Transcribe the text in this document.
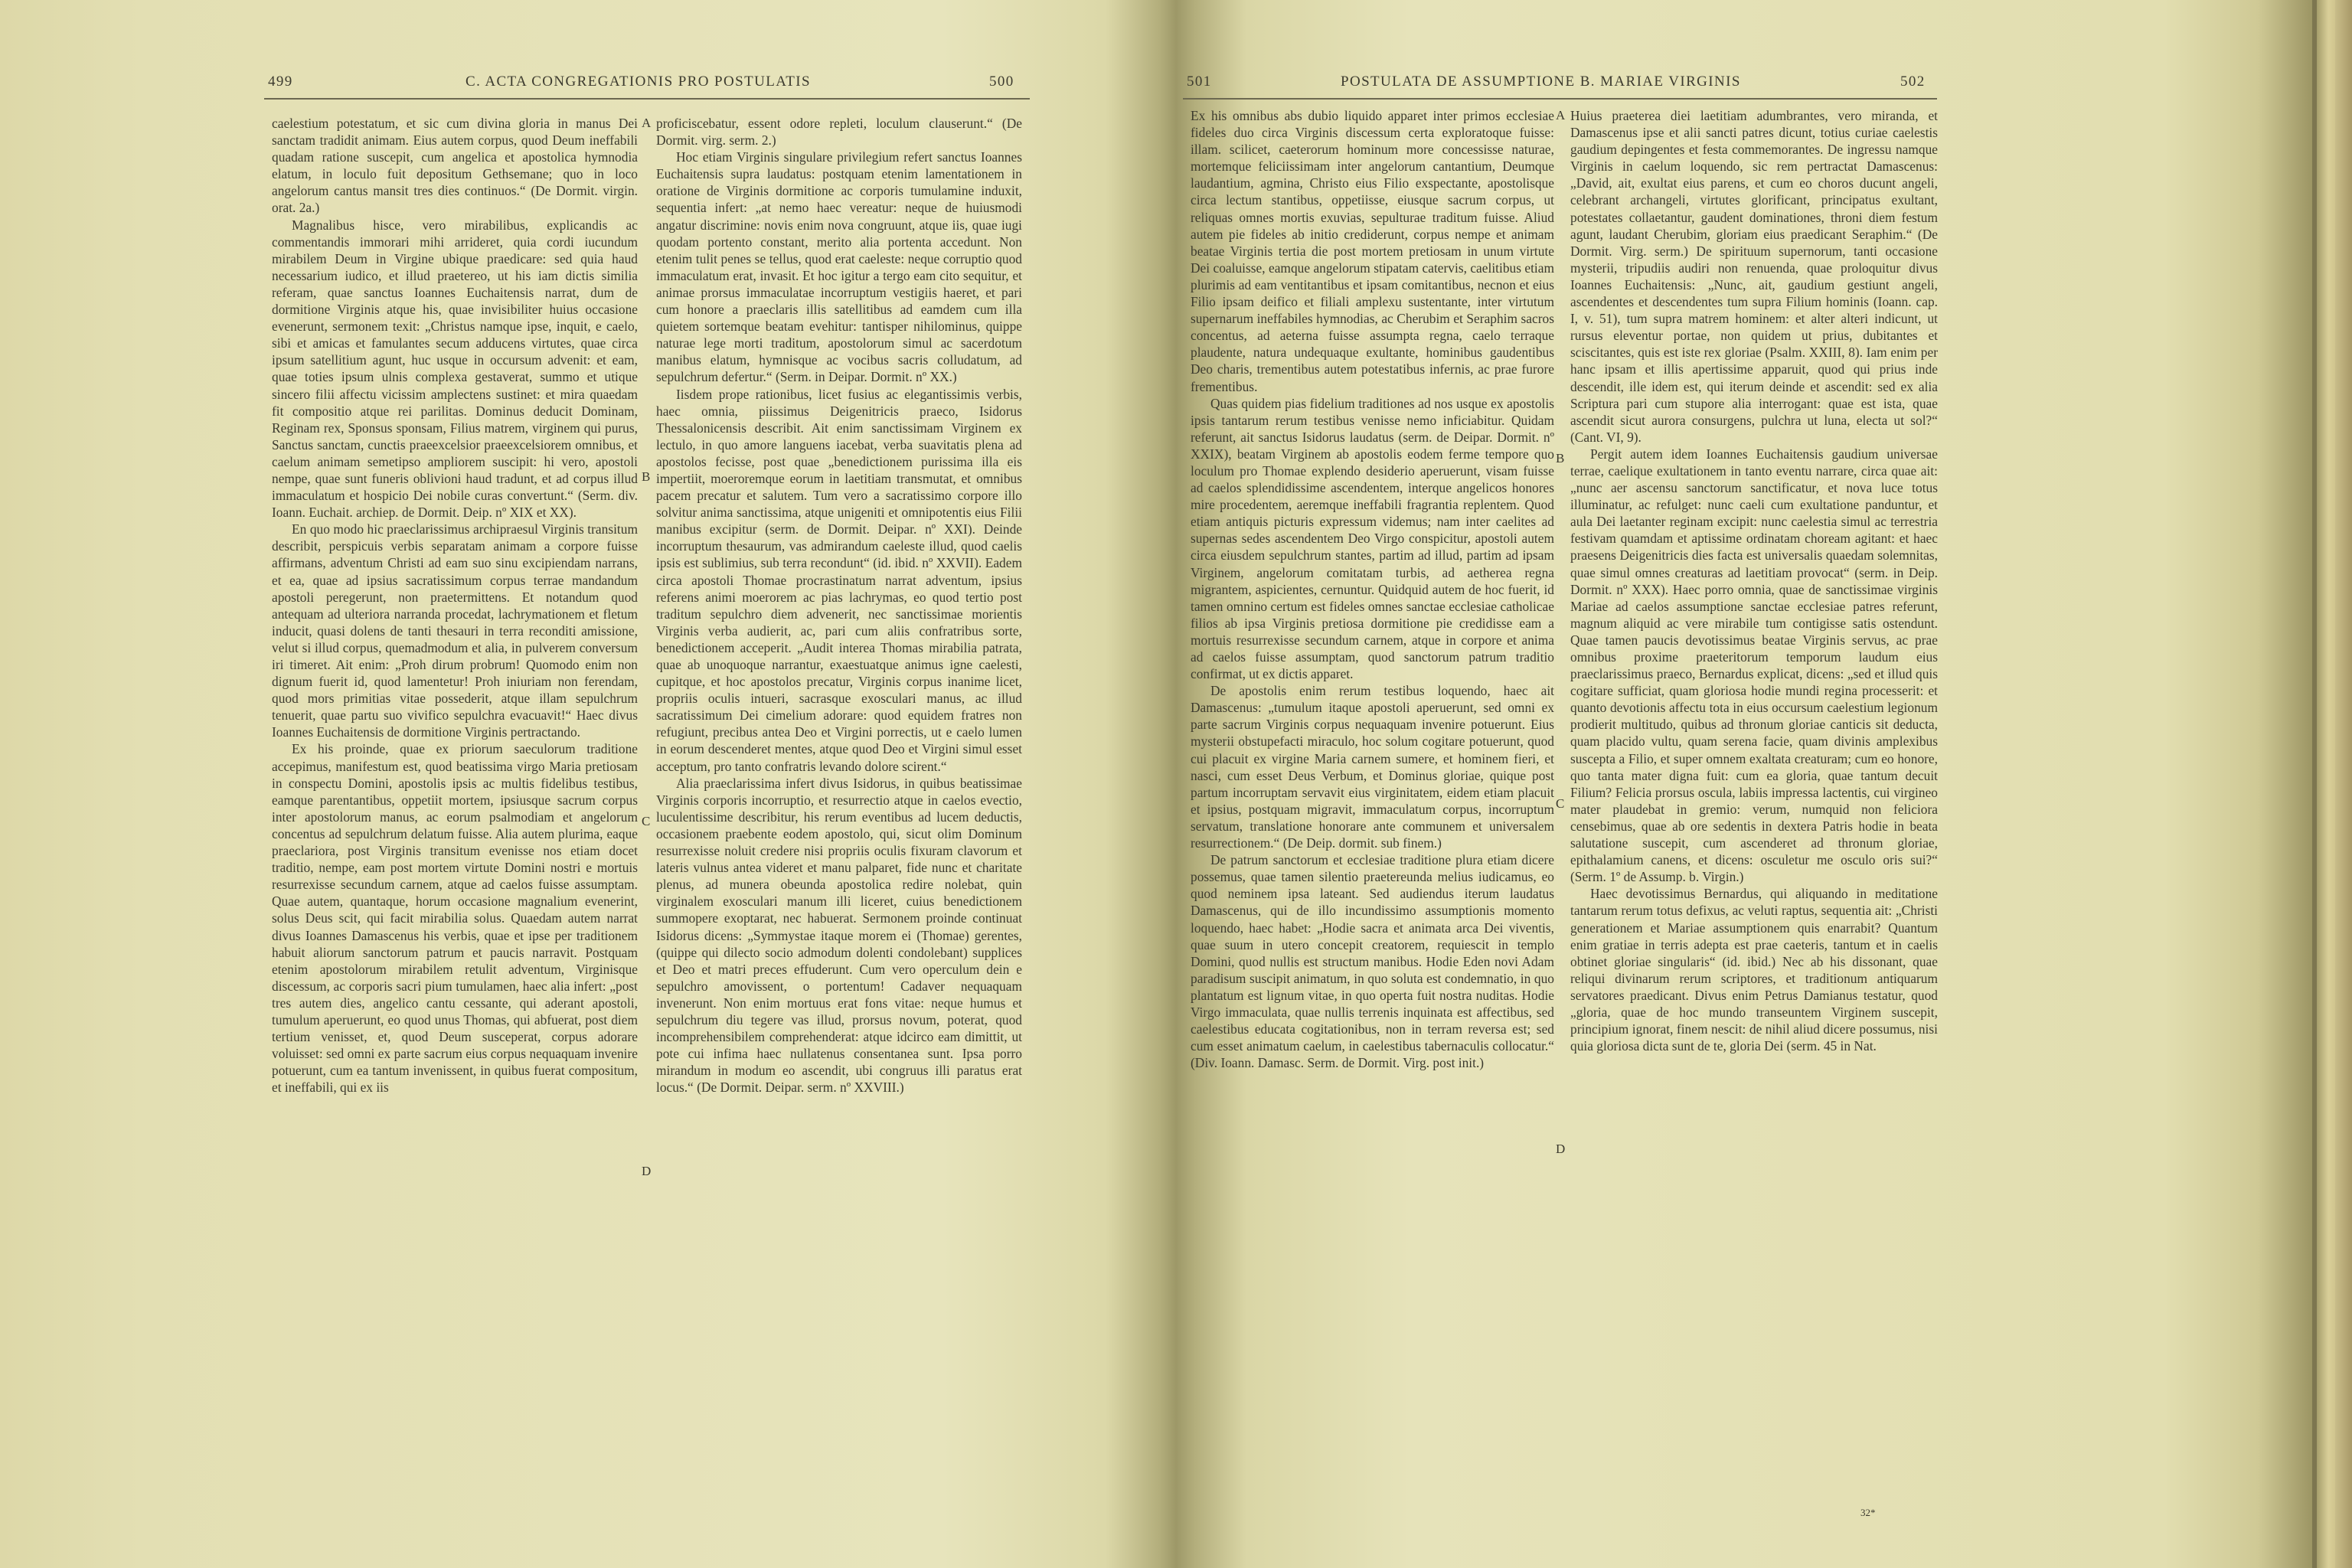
499	C. ACTA CONGREGATIONIS PRO POSTULATIS	500

caelestium potestatum, et sic cum divina gloria in manus Dei sanctam tradidit animam. Eius autem corpus, quod Deum ineffabili quadam ratione suscepit, cum angelica et apostolica hymnodia elatum, in loculo fuit depositum Gethsemane; quo in loco angelorum cantus mansit tres dies continuos.“ (De Dormit. virgin. orat. 2a.)

Magnalibus hisce, vero mirabilibus, explicandis ac commentandis immorari mihi arrideret, quia cordi iucundum mirabilem Deum in Virgine ubique praedicare: sed quia haud necessarium iudico, et illud praetereo, ut his iam dictis similia referam, quae sanctus Ioannes Euchaitensis narrat, dum de dormitione Virginis atque his, quae invisibiliter huius occasione evenerunt, sermonem texit: „Christus namque ipse, inquit, e caelo, sibi et amicas et famulantes secum adducens virtutes, quae circa ipsum satellitium agunt, huc usque in occursum advenit: et eam, quae toties ipsum ulnis complexa gestaverat, summo et utique sincero filii affectu vicissim amplectens sustinet: et mira quaedam fit compositio atque rei parilitas. Dominus deducit Dominam, Reginam rex, Sponsus sponsam, Filius matrem, virginem qui purus, Sanctus sanctam, cunctis praeexcelsior praeexcelsiorem omnibus, et caelum animam semetipso ampliorem suscipit: hi vero, apostoli nempe, quae sunt funeris oblivioni haud tradunt, et ad corpus illud immaculatum et hospicio Dei nobile curas convertunt.“ (Serm. div. Ioann. Euchait. archiep. de Dormit. Deip. nº XIX et XX).

En quo modo hic praeclarissimus archipraesul Virginis transitum describit, perspicuis verbis separatam animam a corpore fuisse affirmans, adventum Christi ad eam suo sinu excipiendam narrans, et ea, quae ad ipsius sacratissimum corpus terrae mandandum apostoli peregerunt, non praetermittens. Et notandum quod antequam ad ulteriora narranda procedat, lachrymationem et fletum inducit, quasi dolens de tanti thesauri in terra reconditi amissione, velut si illud corpus, quemadmodum et alia, in pulverem conversum iri timeret. Ait enim: „Proh dirum probrum! Quomodo enim non dignum fuerit id, quod lamentetur! Proh iniuriam non ferendam, quod mors primitias vitae possederit, atque illam sepulchrum tenuerit, quae partu suo vivifico sepulchra evacuavit!“ Haec divus Ioannes Euchaitensis de dormitione Virginis pertractando.

Ex his proinde, quae ex priorum saeculorum traditione accepimus, manifestum est, quod beatissima virgo Maria pretiosam in conspectu Domini, apostolis ipsis ac multis fidelibus testibus, eamque parentantibus, oppetiit mortem, ipsiusque sacrum corpus inter apostolorum manus, ac eorum psalmodiam et angelorum concentus ad sepulchrum delatum fuisse. Alia autem plurima, eaque praeclariora, post Virginis transitum evenisse nos etiam docet traditio, nempe, eam post mortem virtute Domini nostri e mortuis resurrexisse secundum carnem, atque ad caelos fuisse assumptam. Quae autem, quantaque, horum occasione magnalium evenerint, solus Deus scit, qui facit mirabilia solus. Quaedam autem narrat divus Ioannes Damascenus his verbis, quae et ipse per traditionem habuit aliorum sanctorum patrum et paucis narravit. Postquam etenim apostolorum mirabilem retulit adventum, Virginisque discessum, ac corporis sacri pium tumulamen, haec alia infert: „post tres autem dies, angelico cantu cessante, qui aderant apostoli, tumulum aperuerunt, eo quod unus Thomas, qui abfuerat, post diem tertium venisset, et, quod Deum susceperat, corpus adorare voluisset: sed omni ex parte sacrum eius corpus nequaquam invenire potuerunt, cum ea tantum invenissent, in quibus fuerat compositum, et ineffabili, qui ex iis

A
B
C
D

proficiscebatur, essent odore repleti, loculum clauserunt.“ (De Dormit. virg. serm. 2.)

Hoc etiam Virginis singulare privilegium refert sanctus Ioannes Euchaitensis supra laudatus: postquam etenim lamentationem in oratione de Virginis dormitione ac corporis tumulamine induxit, sequentia infert: „at nemo haec vereatur: neque de huiusmodi angatur discrimine: novis enim nova congruunt, atque iis, quae iugi quodam portento constant, merito alia portenta accedunt. Non etenim tulit penes se tellus, quod erat caeleste: neque corruptio quod immaculatum erat, invasit. Et hoc igitur a tergo eam cito sequitur, et animae prorsus immaculatae incorruptum vestigiis haeret, et pari cum honore a praeclaris illis satellitibus ad eamdem cum illa quietem sortemque beatam evehitur: tantisper nihilominus, quippe naturae lege morti traditum, apostolorum simul ac sacerdotum manibus elatum, hymnisque ac vocibus sacris colludatum, ad sepulchrum defertur.“ (Serm. in Deipar. Dormit. nº XX.)

Iisdem prope rationibus, licet fusius ac elegantissimis verbis, haec omnia, piissimus Deigenitricis praeco, Isidorus Thessalonicensis describit. Ait enim sanctissimam Virginem ex lectulo, in quo amore languens iacebat, verba suavitatis plena ad apostolos fecisse, post quae „benedictionem purissima illa eis impertiit, moeroremque eorum in laetitiam transmutat, et omnibus pacem precatur et salutem. Tum vero a sacratissimo corpore illo solvitur anima sanctissima, atque unigeniti et omnipotentis eius Filii manibus excipitur (serm. de Dormit. Deipar. nº XXI). Deinde incorruptum thesaurum, vas admirandum caeleste illud, quod caelis ipsis est sublimius, sub terra recondunt“ (id. ibid. nº XXVII). Eadem circa apostoli Thomae procrastinatum narrat adventum, ipsius referens animi moerorem ac pias lachrymas, eo quod tertio post traditum sepulchro diem advenerit, nec sanctissimae morientis Virginis verba audierit, ac, pari cum aliis confratribus sorte, benedictionem acceperit. „Audit interea Thomas mirabilia patrata, quae ab unoquoque narrantur, exaestuatque animus igne caelesti, cupitque, et hoc apostolos precatur, Virginis corpus inanime licet, propriis oculis intueri, sacrasque exosculari manus, ac illud sacratissimum Dei cimelium adorare: quod equidem fratres non refugiunt, precibus antea Deo et Virgini porrectis, ut e caelo lumen in eorum descenderet mentes, atque quod Deo et Virgini simul esset acceptum, pro tanto confratris levando dolore scirent.“

Alia praeclarissima infert divus Isidorus, in quibus beatissimae Virginis corporis incorruptio, et resurrectio atque in caelos evectio, luculentissime describitur, his rerum eventibus ad lucem deductis, occasionem praebente eodem apostolo, qui, sicut olim Dominum resurrexisse noluit credere nisi propriis oculis fixuram clavorum et lateris vulnus antea videret et manu palparet, fide nunc et charitate plenus, ad munera obeunda apostolica redire nolebat, quin virginalem exosculari manum illi liceret, cuius benedictionem summopere exoptarat, nec habuerat. Sermonem proinde continuat Isidorus dicens: „Symmystae itaque morem ei (Thomae) gerentes, (quippe qui dilecto socio admodum dolenti condolebant) supplices et Deo et matri preces effuderunt. Cum vero operculum dein e sepulchro amovissent, o portentum! Cadaver nequaquam invenerunt. Non enim mortuus erat fons vitae: neque humus et sepulchrum diu tegere vas illud, prorsus novum, poterat, quod incomprehensibilem comprehenderat: atque idcirco eam dimittit, ut pote cui infima haec nullatenus consentanea sunt. Ipsa porro mirandum in modum eo ascendit, ubi congruus illi paratus erat locus.“ (De Dormit. Deipar. serm. nº XXVIII.)

501	POSTULATA DE ASSUMPTIONE B. MARIAE VIRGINIS	502

Ex his omnibus abs dubio liquido apparet inter primos ecclesiae fideles duo circa Virginis discessum certa exploratoque fuisse: illam. scilicet, caeterorum hominum more concessisse naturae, mortemque feliciissimam inter angelorum cantantium, Deumque laudantium, agmina, Christo eius Filio exspectante, apostolisque circa lectum stantibus, oppetiisse, eiusque sacrum corpus, ut reliquas omnes mortis exuvias, sepulturae traditum fuisse. Aliud autem pie fideles ab initio crediderunt, corpus nempe et animam beatae Virginis tertia die post mortem pretiosam in unum virtute Dei coaluisse, eamque angelorum stipatam catervis, caelitibus etiam plurimis ad eam ventitantibus et ipsam comitantibus, necnon et eius Filio ipsam deifico et filiali amplexu sustentante, inter virtutum supernarum ineffabiles hymnodias, ac Cherubim et Seraphim sacros concentus, ad aeterna fuisse assumpta regna, caelo terraque plaudente, natura undequaque exultante, hominibus gaudentibus Deo charis, trementibus autem potestatibus infernis, ac prae furore frementibus.

Quas quidem pias fidelium traditiones ad nos usque ex apostolis ipsis tantarum rerum testibus venisse nemo inficiabitur. Quidam referunt, ait sanctus Isidorus laudatus (serm. de Deipar. Dormit. nº XXIX), beatam Virginem ab apostolis eodem ferme tempore quo loculum pro Thomae explendo desiderio aperuerunt, visam fuisse ad caelos splendidissime ascendentem, interque angelicos honores mire procedentem, aeremque ineffabili fragrantia replentem. Quod etiam antiquis picturis expressum videmus; nam inter caelites ad supernas sedes ascendentem Deo Virgo conspicitur, apostoli autem circa eiusdem sepulchrum stantes, partim ad illud, partim ad ipsam Virginem, angelorum comitatam turbis, ad aetherea regna migrantem, aspicientes, cernuntur. Quidquid autem de hoc fuerit, id tamen omnino certum est fideles omnes sanctae ecclesiae catholicae filios ab ipsa Virginis pretiosa dormitione pie credidisse eam a mortuis resurrexisse secundum carnem, atque in corpore et anima ad caelos fuisse assumptam, quod sanctorum patrum traditio confirmat, ut ex dictis apparet.

De apostolis enim rerum testibus loquendo, haec ait Damascenus: „tumulum itaque apostoli aperuerunt, sed omni ex parte sacrum Virginis corpus nequaquam invenire potuerunt. Eius mysterii obstupefacti miraculo, hoc solum cogitare potuerunt, quod cui placuit ex virgine Maria carnem sumere, et hominem fieri, et nasci, cum esset Deus Verbum, et Dominus gloriae, quique post partum incorruptam servavit eius virginitatem, eidem etiam placuit et ipsius, postquam migravit, immaculatum corpus, incorruptum servatum, translatione honorare ante communem et universalem resurrectionem.“ (De Deip. dormit. sub finem.)

De patrum sanctorum et ecclesiae traditione plura etiam dicere possemus, quae tamen silentio praetereunda melius iudicamus, eo quod neminem ipsa lateant. Sed audiendus iterum laudatus Damascenus, qui de illo incundissimo assumptionis momento loquendo, haec habet: „Hodie sacra et animata arca Dei viventis, quae suum in utero concepit creatorem, requiescit in templo Domini, quod nullis est structum manibus. Hodie Eden novi Adam paradisum suscipit animatum, in quo soluta est condemnatio, in quo plantatum est lignum vitae, in quo operta fuit nostra nuditas. Hodie Virgo immaculata, quae nullis terrenis inquinata est affectibus, sed caelestibus educata cogitationibus, non in terram reversa est; sed cum esset animatum caelum, in caelestibus tabernaculis collocatur.“ (Div. Ioann. Damasc. Serm. de Dormit. Virg. post init.)

A
B
C
D

Huius praeterea diei laetitiam adumbrantes, vero miranda, et Damascenus ipse et alii sancti patres dicunt, totius curiae caelestis gaudium depingentes et festa commemorantes. De ingressu namque Virginis in caelum loquendo, sic rem pertractat Damascenus: „David, ait, exultat eius parens, et cum eo choros ducunt angeli, celebrant archangeli, virtutes glorificant, principatus exultant, potestates collaetantur, gaudent dominationes, throni diem festum agunt, laudant Cherubim, gloriam eius praedicant Seraphim.“ (De Dormit. Virg. serm.) De spirituum supernorum, tanti occasione mysterii, tripudiis audiri non renuenda, quae proloquitur divus Ioannes Euchaitensis: „Nunc, ait, gaudium gestiunt angeli, ascendentes et descendentes tum supra Filium hominis (Ioann. cap. I, v. 51), tum supra matrem hominem: et alter alteri indicunt, ut rursus eleventur portae, non quidem ut prius, dubitantes et sciscitantes, quis est iste rex gloriae (Psalm. XXIII, 8). Iam enim per hanc ipsam et illis apertissime apparuit, quod qui prius inde descendit, ille idem est, qui iterum deinde et ascendit: sed ex alia Scriptura pari cum stupore alia interrogant: quae est ista, quae ascendit sicut aurora consurgens, pulchra ut luna, electa ut sol?“ (Cant. VI, 9).

Pergit autem idem Ioannes Euchaitensis gaudium universae terrae, caelique exultationem in tanto eventu narrare, circa quae ait: „nunc aer ascensu sanctorum sanctificatur, et nova luce totus illuminatur, ac refulget: nunc caeli cum exultatione panduntur, et aula Dei laetanter reginam excipit: nunc caelestia simul ac terrestria festivam quamdam et aptissime ordinatam choream agitant: et haec praesens Deigenitricis dies facta est universalis quaedam solemnitas, quae simul omnes creaturas ad laetitiam provocat“ (serm. in Deip. Dormit. nº XXX). Haec porro omnia, quae de sanctissimae virginis Mariae ad caelos assumptione sanctae ecclesiae patres referunt, magnum aliquid ac vere mirabile tum contigisse satis ostendunt. Quae tamen paucis devotissimus beatae Virginis servus, ac prae omnibus proxime praeteritorum temporum laudum eius praeclarissimus praeco, Bernardus explicat, dicens: „sed et illud quis cogitare sufficiat, quam gloriosa hodie mundi regina processerit: et quanto devotionis affectu tota in eius occursum caelestium legionum prodierit multitudo, quibus ad thronum gloriae canticis sit deducta, quam placido vultu, quam serena facie, quam divinis amplexibus suscepta a Filio, et super omnem exaltata creaturam; cum eo honore, quo tanta mater digna fuit: cum ea gloria, quae tantum decuit Filium? Felicia prorsus oscula, labiis impressa lactentis, cui virgineo mater plaudebat in gremio: verum, numquid non feliciora censebimus, quae ab ore sedentis in dextera Patris hodie in beata salutatione suscepit, cum ascenderet ad thronum gloriae, epithalamium canens, et dicens: osculetur me osculo oris sui?“ (Serm. 1º de Assump. b. Virgin.)

Haec devotissimus Bernardus, qui aliquando in meditatione tantarum rerum totus defixus, ac veluti raptus, sequentia ait: „Christi generationem et Mariae assumptionem quis enarrabit? Quantum enim gratiae in terris adepta est prae caeteris, tantum et in caelis obtinet gloriae singularis“ (id. ibid.) Nec ab his dissonant, quae reliqui divinarum rerum scriptores, et traditionum antiquarum servatores praedicant. Divus enim Petrus Damianus testatur, quod „gloria, quae de hoc mundo transeuntem Virginem suscepit, principium ignorat, finem nescit: de nihil aliud dicere possumus, nisi quia gloriosa dicta sunt de te, gloria Dei (serm. 45 in Nat.

32*
